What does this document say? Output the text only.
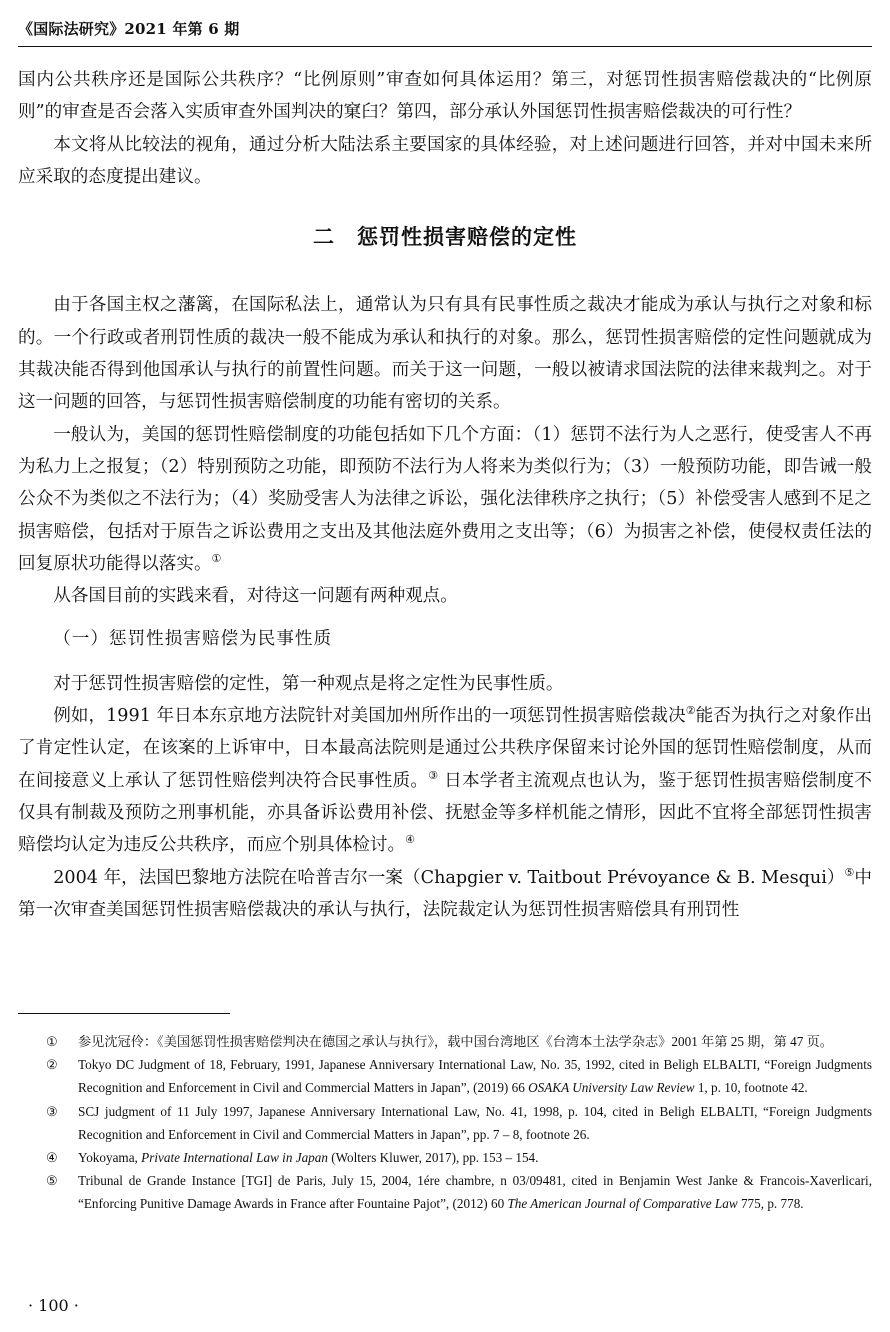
《国际法研究》2021 年第 6 期

国内公共秩序还是国际公共秩序？“比例原则”审查如何具体运用？第三，对惩罚性损害赔偿裁决的“比例原则”的审查是否会落入实质审查外国判决的窠臼？第四，部分承认外国惩罚性损害赔偿裁决的可行性？

本文将从比较法的视角，通过分析大陆法系主要国家的具体经验，对上述问题进行回答，并对中国未来所应采取的态度提出建议。

二　惩罚性损害赔偿的定性

由于各国主权之藩篱，在国际私法上，通常认为只有具有民事性质之裁决才能成为承认与执行之对象和标的。一个行政或者刑罚性质的裁决一般不能成为承认和执行的对象。那么，惩罚性损害赔偿的定性问题就成为其裁决能否得到他国承认与执行的前置性问题。而关于这一问题，一般以被请求国法院的法律来裁判之。对于这一问题的回答，与惩罚性损害赔偿制度的功能有密切的关系。

一般认为，美国的惩罚性赔偿制度的功能包括如下几个方面：（1）惩罚不法行为人之恶行，使受害人不再为私力上之报复；（2）特别预防之功能，即预防不法行为人将来为类似行为；（3）一般预防功能，即告诫一般公众不为类似之不法行为；（4）奖励受害人为法律之诉讼，强化法律秩序之执行；（5）补偿受害人感到不足之损害赔偿，包括对于原告之诉讼费用之支出及其他法庭外费用之支出等；（6）为损害之补偿，使侵权责任法的回复原状功能得以落实。①

从各国目前的实践来看，对待这一问题有两种观点。

（一）惩罚性损害赔偿为民事性质

对于惩罚性损害赔偿的定性，第一种观点是将之定性为民事性质。

例如，1991 年日本东京地方法院针对美国加州所作出的一项惩罚性损害赔偿裁决②能否为执行之对象作出了肯定性认定，在该案的上诉审中，日本最高法院则是通过公共秩序保留来讨论外国的惩罚性赔偿制度，从而在间接意义上承认了惩罚性赔偿判决符合民事性质。③ 日本学者主流观点也认为，鉴于惩罚性损害赔偿制度不仅具有制裁及预防之刑事机能，亦具备诉讼费用补偿、抚慰金等多样机能之情形，因此不宜将全部惩罚性损害赔偿均认定为违反公共秩序，而应个别具体检讨。④

2004 年，法国巴黎地方法院在哈普吉尔一案（Chapgier v. Taitbout Prévoyance & B. Mesqui）⑤中第一次审查美国惩罚性损害赔偿裁决的承认与执行，法院裁定认为惩罚性损害赔偿具有刑罚性

① 参见沈冠伶：《美国惩罚性损害赔偿判决在德国之承认与执行》，载中国台湾地区《台湾本土法学杂志》2001 年第 25 期，第 47 页。
② Tokyo DC Judgment of 18, February, 1991, Japanese Anniversary International Law, No. 35, 1992, cited in Beligh ELBALTI, “Foreign Judgments Recognition and Enforcement in Civil and Commercial Matters in Japan”, (2019) 66 OSAKA University Law Review 1, p. 10, footnote 42.
③ SCJ judgment of 11 July 1997, Japanese Anniversary International Law, No. 41, 1998, p. 104, cited in Beligh ELBALTI, “Foreign Judgments Recognition and Enforcement in Civil and Commercial Matters in Japan”, pp. 7 – 8, footnote 26.
④ Yokoyama, Private International Law in Japan (Wolters Kluwer, 2017), pp. 153 – 154.
⑤ Tribunal de Grande Instance [TGI] de Paris, July 15, 2004, 1ére chambre, n 03/09481, cited in Benjamin West Janke & Francois-Xaverlicari, “Enforcing Punitive Damage Awards in France after Fountaine Pajot”, (2012) 60 The American Journal of Comparative Law 775, p. 778.
· 100 ·
